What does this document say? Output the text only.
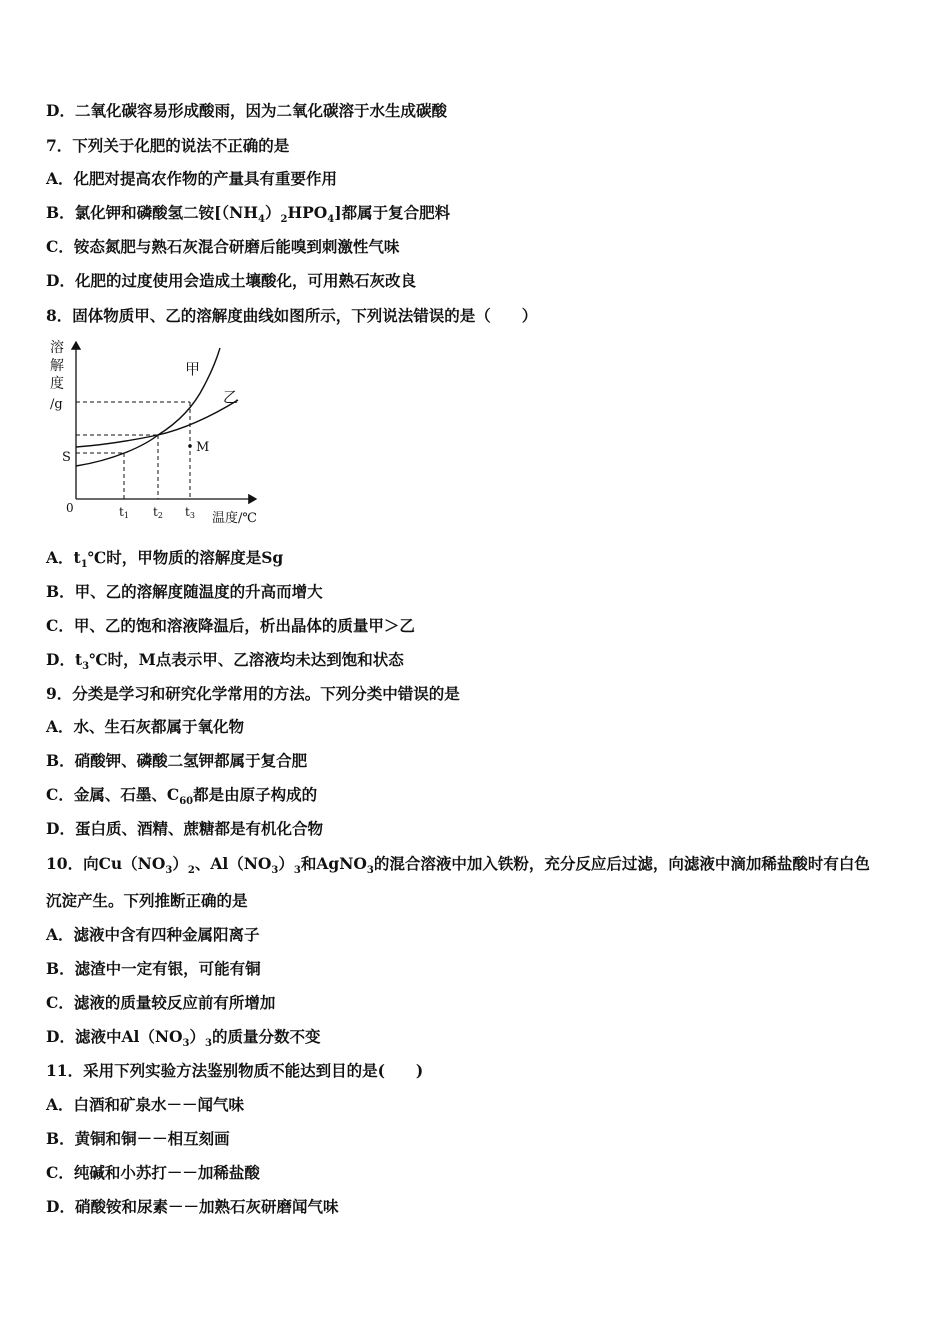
D．二氧化碳容易形成酸雨，因为二氧化碳溶于水生成碳酸
7．下列关于化肥的说法不正确的是
A．化肥对提高农作物的产量具有重要作用
B．氯化钾和磷酸氢二铵$[(NH_4)_2HPO_4]$都属于复合肥料
C．铵态氮肥与熟石灰混合研磨后能嗅到刺激性气味
D．化肥的过度使用会造成土壤酸化，可用熟石灰改良
8．固体物质甲、乙的溶解度曲线如图所示，下列说法错误的是（　　）
溶
解
度
/g
0
S
甲
乙
M
t1 t2 t3 温度/℃
A．$t_1℃$时，甲物质的溶解度是Sg
B．甲、乙的溶解度随温度的升高而增大
C．甲、乙的饱和溶液降温后，析出晶体的质量甲＞乙
D．$t_3℃$时，M点表示甲、乙溶液均未达到饱和状态
9．分类是学习和研究化学常用的方法。下列分类中错误的是
A．水、生石灰都属于氧化物
B．硝酸钾、磷酸二氢钾都属于复合肥
C．金属、石墨、$C_{60}$都是由原子构成的
D．蛋白质、酒精、蔗糖都是有机化合物
10．向$Cu(NO_3)_2$、$Al(NO_3)_3$和AgNO$_3$的混合溶液中加入铁粉，充分反应后过滤，向滤液中滴加稀盐酸时有白色
沉淀产生。下列推断正确的是
A．滤液中含有四种金属阳离子
B．滤渣中一定有银，可能有铜
C．滤液的质量较反应前有所增加
D．滤液中$Al(NO_3)_3$的质量分数不变
11．采用下列实验方法鉴别物质不能达到目的是(　　)
A．白酒和矿泉水－－闻气味
B．黄铜和铜－－相互刻画
C．纯碱和小苏打－－加稀盐酸
D．硝酸铵和尿素－－加熟石灰研磨闻气味
